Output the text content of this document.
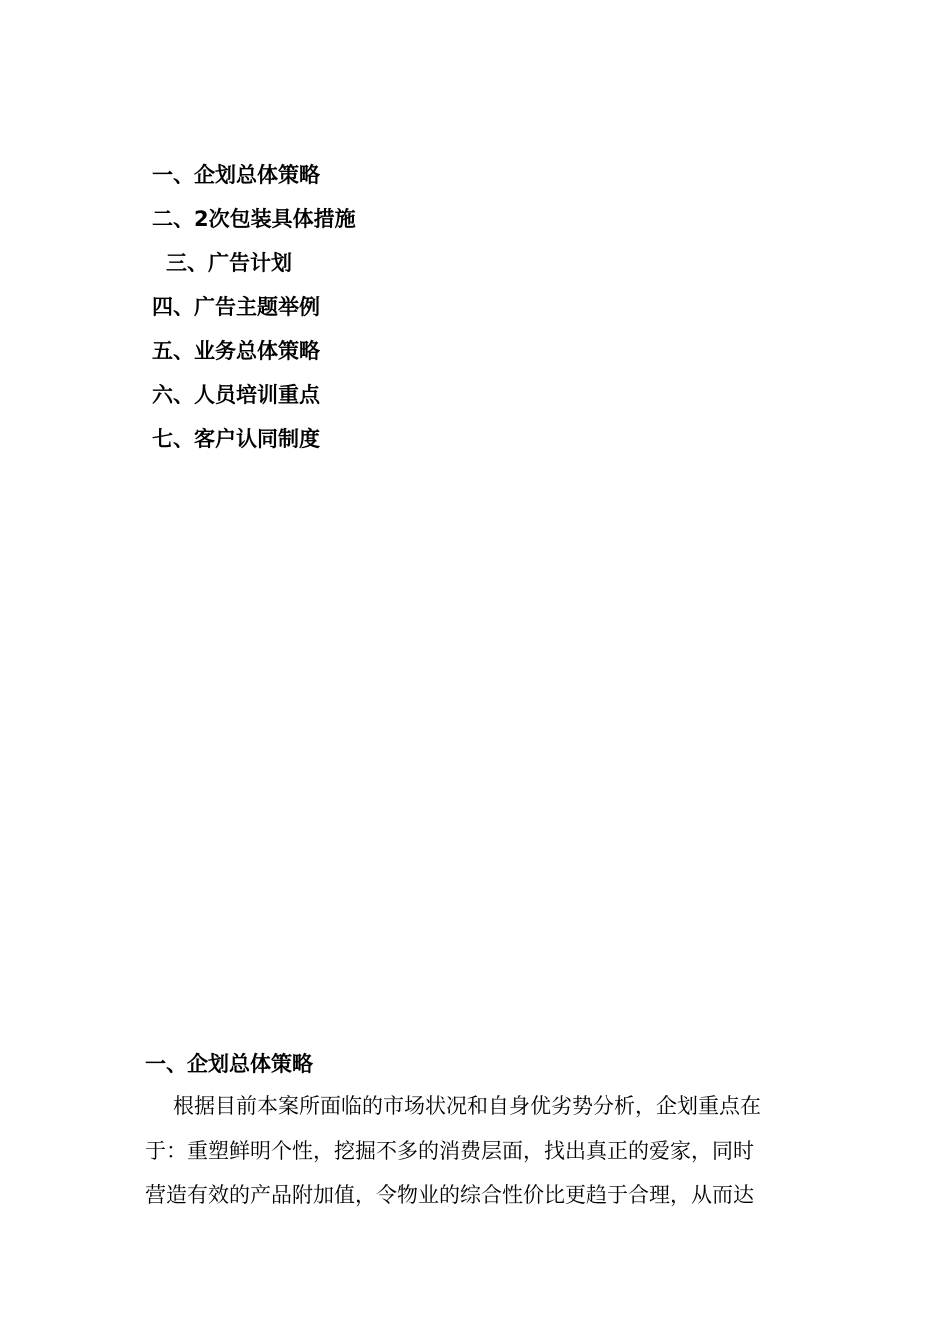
一、企划总体策略
二、2次包装具体措施
三、广告计划
四、广告主题举例
五、业务总体策略
六、人员培训重点
七、客户认同制度
一、企划总体策略

根据目前本案所面临的市场状况和自身优劣势分析，企划重点在
于：重塑鲜明个性，挖掘不多的消费层面，找出真正的爱家，同时
营造有效的产品附加值，令物业的综合性价比更趋于合理，从而达
